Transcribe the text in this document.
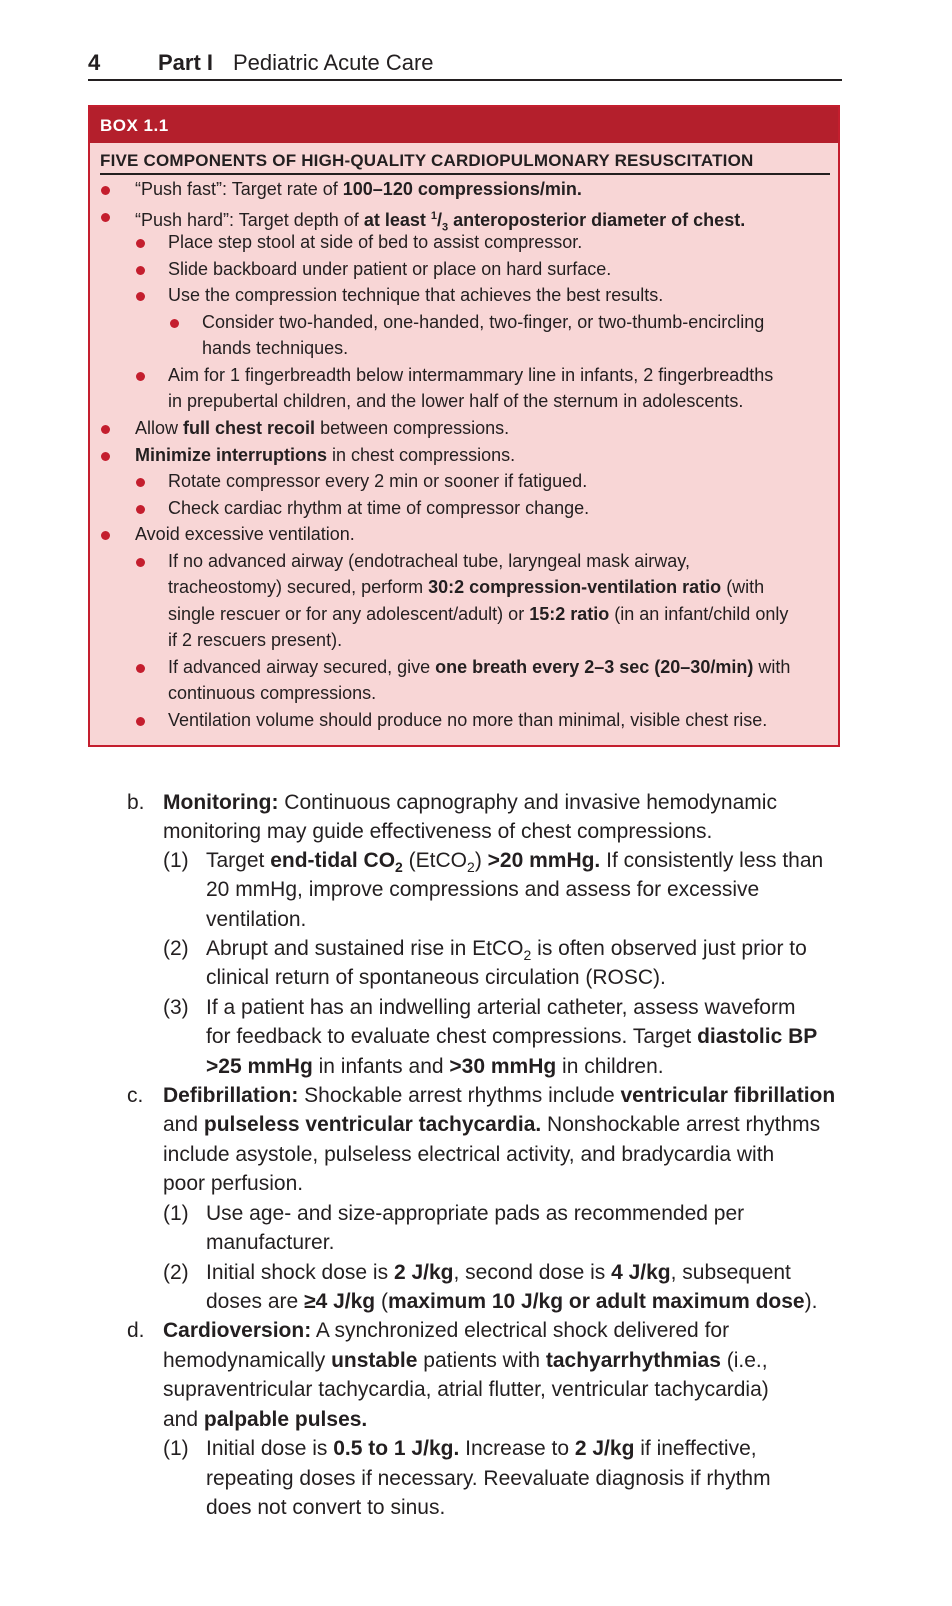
4	Part I Pediatric Acute Care
BOX 1.1
FIVE COMPONENTS OF HIGH-QUALITY CARDIOPULMONARY RESUSCITATION
“Push fast”: Target rate of 100–120 compressions/min.
“Push hard”: Target depth of at least $^1/_3$ anteroposterior diameter of chest.
Place step stool at side of bed to assist compressor.
Slide backboard under patient or place on hard surface.
Use the compression technique that achieves the best results.
Consider two-handed, one-handed, two-finger, or two-thumb-encircling
hands techniques.
Aim for 1 fingerbreadth below intermammary line in infants, 2 fingerbreadths
in prepubertal children, and the lower half of the sternum in adolescents.
Allow full chest recoil between compressions.
Minimize interruptions in chest compressions.
Rotate compressor every 2 min or sooner if fatigued.
Check cardiac rhythm at time of compressor change.
Avoid excessive ventilation.
If no advanced airway (endotracheal tube, laryngeal mask airway,
tracheostomy) secured, perform 30:2 compression-ventilation ratio (with
single rescuer or for any adolescent/adult) or 15:2 ratio (in an infant/child only
if 2 rescuers present).
If advanced airway secured, give one breath every 2–3 sec (20–30/min) with
continuous compressions.
Ventilation volume should produce no more than minimal, visible chest rise.
b. Monitoring: Continuous capnography and invasive hemodynamic
monitoring may guide effectiveness of chest compressions.
(1) Target end-tidal $CO_2$ (EtCO$_2$) >20 mmHg. If consistently less than
20 mmHg, improve compressions and assess for excessive
ventilation.
(2) Abrupt and sustained rise in EtCO$_2$ is often observed just prior to
clinical return of spontaneous circulation (ROSC).
(3) If a patient has an indwelling arterial catheter, assess waveform
for feedback to evaluate chest compressions. Target diastolic BP
>25 mmHg in infants and >30 mmHg in children.
c. Defibrillation: Shockable arrest rhythms include ventricular fibrillation
and pulseless ventricular tachycardia. Nonshockable arrest rhythms
include asystole, pulseless electrical activity, and bradycardia with
poor perfusion.
(1) Use age- and size-appropriate pads as recommended per
manufacturer.
(2) Initial shock dose is 2 J/kg, second dose is 4 J/kg, subsequent
doses are ≥4 J/kg (maximum 10 J/kg or adult maximum dose).
d. Cardioversion: A synchronized electrical shock delivered for
hemodynamically unstable patients with tachyarrhythmias (i.e.,
supraventricular tachycardia, atrial flutter, ventricular tachycardia)
and palpable pulses.
(1) Initial dose is 0.5 to 1 J/kg. Increase to 2 J/kg if ineffective,
repeating doses if necessary. Reevaluate diagnosis if rhythm
does not convert to sinus.
